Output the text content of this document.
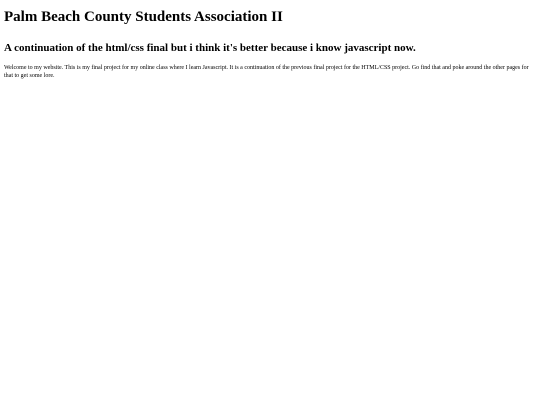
Palm Beach County Students Association II
A continuation of the html/css final but i think it's better because i know javascript now.

Welcome to my website. This is my final project for my online class where I learn Javascript. It is a continuation of the previous final project for the HTML/CSS project. Go find that and poke around the other pages for that to get some lore.
